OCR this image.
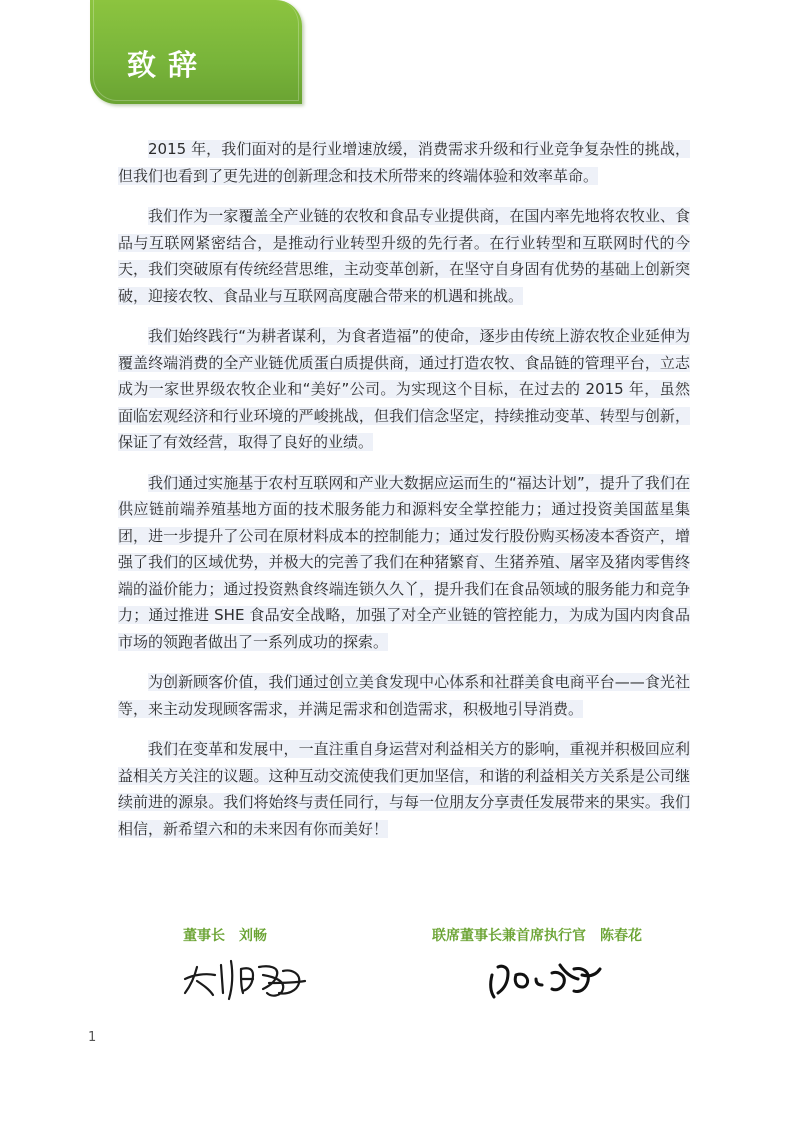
致辞

2015 年，我们面对的是行业增速放缓，消费需求升级和行业竞争复杂性的挑战，但我们也看到了更先进的创新理念和技术所带来的终端体验和效率革命。

我们作为一家覆盖全产业链的农牧和食品专业提供商，在国内率先地将农牧业、食品与互联网紧密结合，是推动行业转型升级的先行者。在行业转型和互联网时代的今天，我们突破原有传统经营思维，主动变革创新，在坚守自身固有优势的基础上创新突破，迎接农牧、食品业与互联网高度融合带来的机遇和挑战。

我们始终践行“为耕者谋利，为食者造福”的使命，逐步由传统上游农牧企业延伸为覆盖终端消费的全产业链优质蛋白质提供商，通过打造农牧、食品链的管理平台，立志成为一家世界级农牧企业和“美好”公司。为实现这个目标，在过去的 2015 年，虽然面临宏观经济和行业环境的严峻挑战，但我们信念坚定，持续推动变革、转型与创新，保证了有效经营，取得了良好的业绩。

我们通过实施基于农村互联网和产业大数据应运而生的“福达计划”，提升了我们在供应链前端养殖基地方面的技术服务能力和源料安全掌控能力；通过投资美国蓝星集团，进一步提升了公司在原材料成本的控制能力；通过发行股份购买杨凌本香资产，增强了我们的区域优势，并极大的完善了我们在种猪繁育、生猪养殖、屠宰及猪肉零售终端的溢价能力；通过投资熟食终端连锁久久丫，提升我们在食品领域的服务能力和竞争力；通过推进 SHE 食品安全战略，加强了对全产业链的管控能力，为成为国内肉食品市场的领跑者做出了一系列成功的探索。

为创新顾客价值，我们通过创立美食发现中心体系和社群美食电商平台——食光社等，来主动发现顾客需求，并满足需求和创造需求，积极地引导消费。

我们在变革和发展中，一直注重自身运营对利益相关方的影响，重视并积极回应利益相关方关注的议题。这种互动交流使我们更加坚信，和谐的利益相关方关系是公司继续前进的源泉。我们将始终与责任同行，与每一位朋友分享责任发展带来的果实。我们相信，新希望六和的未来因有你而美好！

董事长　刘畅	联席董事长兼首席执行官　陈春花
1
